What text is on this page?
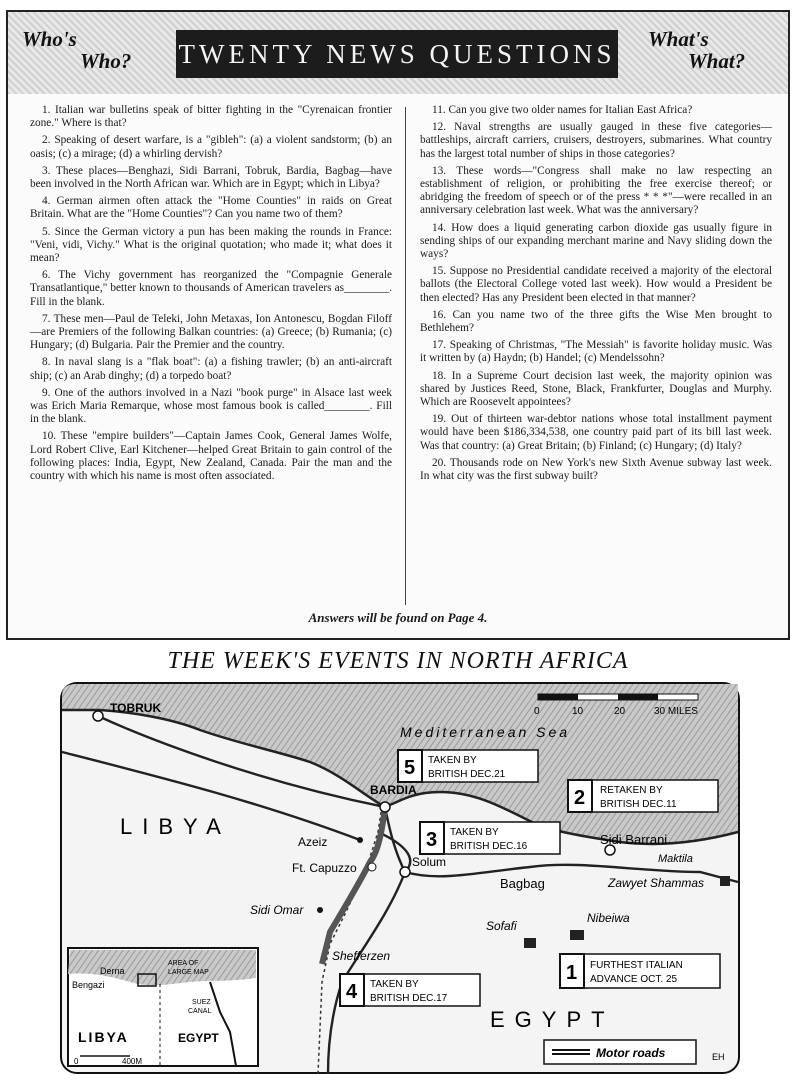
Who's
Who? TWENTY NEWS QUESTIONS What's
What?

1. Italian war bulletins speak of bitter fighting in the "Cyrenaican frontier zone." Where is that?

2. Speaking of desert warfare, is a "gibleh": (a) a violent sandstorm; (b) an oasis; (c) a mirage; (d) a whirling dervish?

3. These places—Benghazi, Sidi Barrani, Tobruk, Bardia, Bagbag—have been involved in the North African war. Which are in Egypt; which in Libya?

4. German airmen often attack the "Home Counties" in raids on Great Britain. What are the "Home Counties"? Can you name two of them?

5. Since the German victory a pun has been making the rounds in France: "Veni, vidi, Vichy." What is the original quotation; who made it; what does it mean?

6. The Vichy government has reorganized the "Compagnie Generale Transatlantique," better known to thousands of American travelers as________. Fill in the blank.

7. These men—Paul de Teleki, John Metaxas, Ion Antonescu, Bogdan Filoff—are Premiers of the following Balkan countries: (a) Greece; (b) Rumania; (c) Hungary; (d) Bulgaria. Pair the Premier and the country.

8. In naval slang is a "flak boat": (a) a fishing trawler; (b) an anti-aircraft ship; (c) an Arab dinghy; (d) a torpedo boat?

9. One of the authors involved in a Nazi "book purge" in Alsace last week was Erich Maria Remarque, whose most famous book is called________. Fill in the blank.

10. These "empire builders"—Captain James Cook, General James Wolfe, Lord Robert Clive, Earl Kitchener—helped Great Britain to gain control of the following places: India, Egypt, New Zealand, Canada. Pair the man and the country with which his name is most often associated.

11. Can you give two older names for Italian East Africa?

12. Naval strengths are usually gauged in these five categories—battleships, aircraft carriers, cruisers, destroyers, submarines. What country has the largest total number of ships in those categories?

13. These words—"Congress shall make no law respecting an establishment of religion, or prohibiting the free exercise thereof; or abridging the freedom of speech or of the press * * *"—were recalled in an anniversary celebration last week. What was the anniversary?

14. How does a liquid generating carbon dioxide gas usually figure in sending ships of our expanding merchant marine and Navy sliding down the ways?

15. Suppose no Presidential candidate received a majority of the electoral ballots (the Electoral College voted last week). How would a President be then elected? Has any President been elected in that manner?

16. Can you name two of the three gifts the Wise Men brought to Bethlehem?

17. Speaking of Christmas, "The Messiah" is favorite holiday music. Was it written by (a) Haydn; (b) Handel; (c) Mendelssohn?

18. In a Supreme Court decision last week, the majority opinion was shared by Justices Reed, Stone, Black, Frankfurter, Douglas and Murphy. Which are Roosevelt appointees?

19. Out of thirteen war-debtor nations whose total installment payment would have been $186,334,538, one country paid part of its bill last week. Was that country: (a) Great Britain; (b) Finland; (c) Hungary; (d) Italy?

20. Thousands rode on New York's new Sixth Avenue subway last week. In what city was the first subway built?

Answers will be found on Page 4.
THE WEEK'S EVENTS IN NORTH AFRICA
0	10	20	30 MILES
Mediterranean Sea
TOBRUK
BARDIA
Azeiz
Ft. Capuzzo	Solum
Sidi Barrani
Maktila
Bagbag	Zawyet Shammas
Sidi Omar
Sofafi
Nibeiwa
Shefferzen
LIBYA
EGYPT
5 TAKEN BY
BRITISH DEC.21
2 RETAKEN BY
BRITISH DEC.11
3 TAKEN BY
BRITISH DEC.16
4 TAKEN BY
BRITISH DEC.17
1 FURTHEST ITALIAN
ADVANCE OCT. 25
Derna
Bengazi
AREA OF
LARGE MAP
SUEZ
CANAL
LIBYA	EGYPT
0	400M
Motor roads	EH
